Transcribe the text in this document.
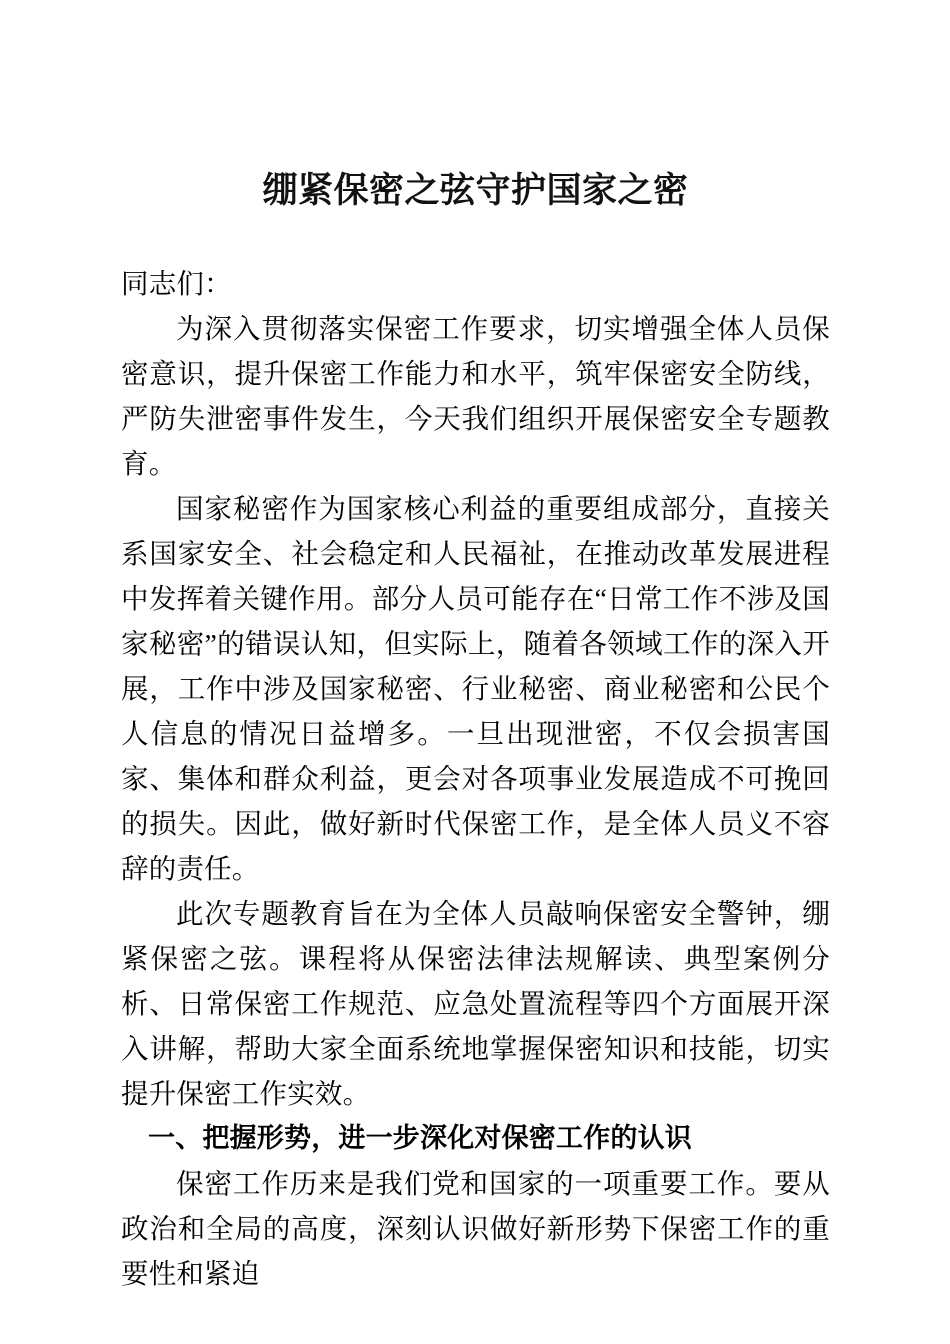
绷紧保密之弦守护国家之密

同志们：

为深入贯彻落实保密工作要求，切实增强全体人员保密意识，提升保密工作能力和水平，筑牢保密安全防线，严防失泄密事件发生，今天我们组织开展保密安全专题教育。

国家秘密作为国家核心利益的重要组成部分，直接关系国家安全、社会稳定和人民福祉，在推动改革发展进程中发挥着关键作用。部分人员可能存在“日常工作不涉及国家秘密”的错误认知，但实际上，随着各领域工作的深入开展，工作中涉及国家秘密、行业秘密、商业秘密和公民个人信息的情况日益增多。一旦出现泄密，不仅会损害国家、集体和群众利益，更会对各项事业发展造成不可挽回的损失。因此，做好新时代保密工作，是全体人员义不容辞的责任。

此次专题教育旨在为全体人员敲响保密安全警钟，绷紧保密之弦。课程将从保密法律法规解读、典型案例分析、日常保密工作规范、应急处置流程等四个方面展开深入讲解，帮助大家全面系统地掌握保密知识和技能，切实提升保密工作实效。

一、把握形势，进一步深化对保密工作的认识

保密工作历来是我们党和国家的一项重要工作。要从政治和全局的高度，深刻认识做好新形势下保密工作的重要性和紧迫
